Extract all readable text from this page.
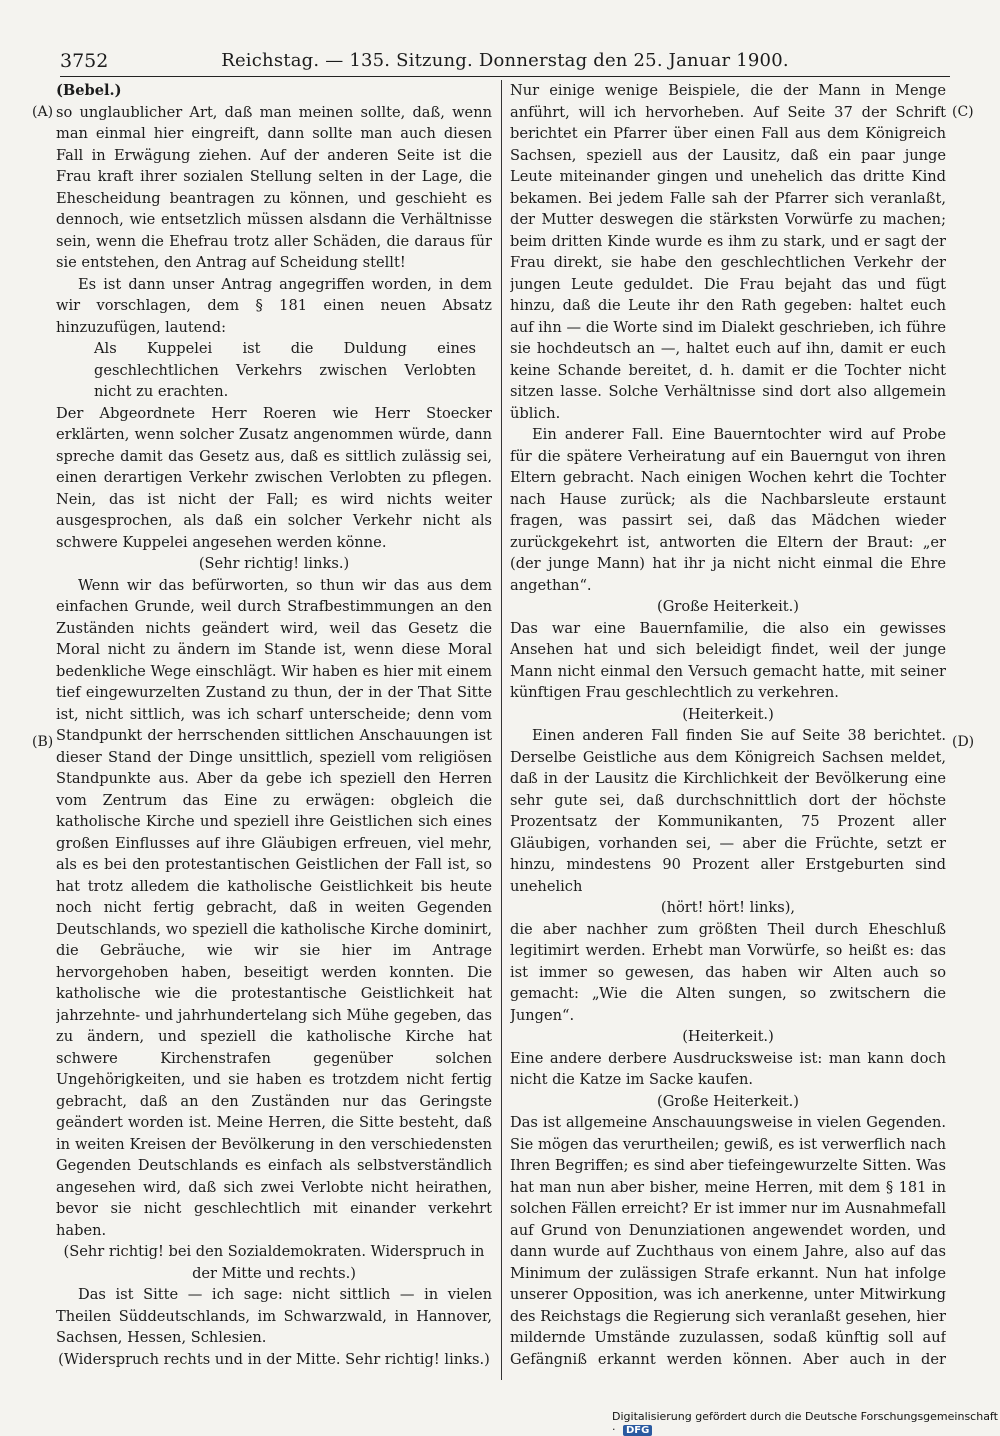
3752	Reichstag. — 135. Sitzung. Donnerstag den 25. Januar 1900.
(A)
(B)
(C)
(D)

(Bebel.)

so unglaublicher Art, daß man meinen sollte, daß, wenn man einmal hier eingreift, dann sollte man auch diesen Fall in Erwägung ziehen. Auf der anderen Seite ist die Frau kraft ihrer sozialen Stellung selten in der Lage, die Ehescheidung beantragen zu können, und geschieht es dennoch, wie entsetzlich müssen alsdann die Verhältnisse sein, wenn die Ehefrau trotz aller Schäden, die daraus für sie entstehen, den Antrag auf Scheidung stellt!

Es ist dann unser Antrag angegriffen worden, in dem wir vorschlagen, dem § 181 einen neuen Absatz hinzuzufügen, lautend:

Als Kuppelei ist die Duldung eines geschlechtlichen Verkehrs zwischen Verlobten nicht zu erachten.

Der Abgeordnete Herr Roeren wie Herr Stoecker erklärten, wenn solcher Zusatz angenommen würde, dann spreche damit das Gesetz aus, daß es sittlich zulässig sei, einen derartigen Verkehr zwischen Verlobten zu pflegen. Nein, das ist nicht der Fall; es wird nichts weiter ausgesprochen, als daß ein solcher Verkehr nicht als schwere Kuppelei angesehen werden könne.

(Sehr richtig! links.)

Wenn wir das befürworten, so thun wir das aus dem einfachen Grunde, weil durch Strafbestimmungen an den Zuständen nichts geändert wird, weil das Gesetz die Moral nicht zu ändern im Stande ist, wenn diese Moral bedenkliche Wege einschlägt. Wir haben es hier mit einem tief eingewurzelten Zustand zu thun, der in der That Sitte ist, nicht sittlich, was ich scharf unterscheide; denn vom Standpunkt der herrschenden sittlichen Anschauungen ist dieser Stand der Dinge unsittlich, speziell vom religiösen Standpunkte aus. Aber da gebe ich speziell den Herren vom Zentrum das Eine zu erwägen: obgleich die katholische Kirche und speziell ihre Geistlichen sich eines großen Einflusses auf ihre Gläubigen erfreuen, viel mehr, als es bei den protestantischen Geistlichen der Fall ist, so hat trotz alledem die katholische Geistlichkeit bis heute noch nicht fertig gebracht, daß in weiten Gegenden Deutschlands, wo speziell die katholische Kirche dominirt, die Gebräuche, wie wir sie hier im Antrage hervorgehoben haben, beseitigt werden konnten. Die katholische wie die protestantische Geistlichkeit hat jahrzehnte- und jahrhundertelang sich Mühe gegeben, das zu ändern, und speziell die katholische Kirche hat schwere Kirchenstrafen gegenüber solchen Ungehörigkeiten, und sie haben es trotzdem nicht fertig gebracht, daß an den Zuständen nur das Geringste geändert worden ist. Meine Herren, die Sitte besteht, daß in weiten Kreisen der Bevölkerung in den verschiedensten Gegenden Deutschlands es einfach als selbstverständlich angesehen wird, daß sich zwei Verlobte nicht heirathen, bevor sie nicht geschlechtlich mit einander verkehrt haben.

(Sehr richtig! bei den Sozialdemokraten. Widerspruch in der Mitte und rechts.)

Das ist Sitte — ich sage: nicht sittlich — in vielen Theilen Süddeutschlands, im Schwarzwald, in Hannover, Sachsen, Hessen, Schlesien.

(Widerspruch rechts und in der Mitte. Sehr richtig! links.)

Nur einige wenige Beispiele, die der Mann in Menge anführt, will ich hervorheben. Auf Seite 37 der Schrift berichtet ein Pfarrer über einen Fall aus dem Königreich Sachsen, speziell aus der Lausitz, daß ein paar junge Leute miteinander gingen und unehelich das dritte Kind bekamen. Bei jedem Falle sah der Pfarrer sich veranlaßt, der Mutter deswegen die stärksten Vorwürfe zu machen; beim dritten Kinde wurde es ihm zu stark, und er sagt der Frau direkt, sie habe den geschlechtlichen Verkehr der jungen Leute geduldet. Die Frau bejaht das und fügt hinzu, daß die Leute ihr den Rath gegeben: haltet euch auf ihn — die Worte sind im Dialekt geschrieben, ich führe sie hochdeutsch an —, haltet euch auf ihn, damit er euch keine Schande bereitet, d. h. damit er die Tochter nicht sitzen lasse. Solche Verhältnisse sind dort also allgemein üblich.

Ein anderer Fall. Eine Bauerntochter wird auf Probe für die spätere Verheiratung auf ein Bauerngut von ihren Eltern gebracht. Nach einigen Wochen kehrt die Tochter nach Hause zurück; als die Nachbarsleute erstaunt fragen, was passirt sei, daß das Mädchen wieder zurückgekehrt ist, antworten die Eltern der Braut: „er (der junge Mann) hat ihr ja nicht nicht einmal die Ehre angethan“.

(Große Heiterkeit.)

Das war eine Bauernfamilie, die also ein gewisses Ansehen hat und sich beleidigt findet, weil der junge Mann nicht einmal den Versuch gemacht hatte, mit seiner künftigen Frau geschlechtlich zu verkehren.

(Heiterkeit.)

Einen anderen Fall finden Sie auf Seite 38 berichtet. Derselbe Geistliche aus dem Königreich Sachsen meldet, daß in der Lausitz die Kirchlichkeit der Bevölkerung eine sehr gute sei, daß durchschnittlich dort der höchste Prozentsatz der Kommunikanten, 75 Prozent aller Gläubigen, vorhanden sei, — aber die Früchte, setzt er hinzu, mindestens 90 Prozent aller Erstgeburten sind unehelich

(hört! hört! links),

die aber nachher zum größten Theil durch Eheschluß legitimirt werden. Erhebt man Vorwürfe, so heißt es: das ist immer so gewesen, das haben wir Alten auch so gemacht: „Wie die Alten sungen, so zwitschern die Jungen“.

(Heiterkeit.)

Eine andere derbere Ausdrucksweise ist: man kann doch nicht die Katze im Sacke kaufen.

(Große Heiterkeit.)

Das ist allgemeine Anschauungsweise in vielen Gegenden. Sie mögen das verurtheilen; gewiß, es ist verwerflich nach Ihren Begriffen; es sind aber tiefeingewurzelte Sitten. Was hat man nun aber bisher, meine Herren, mit dem § 181 in solchen Fällen erreicht? Er ist immer nur im Ausnahmefall auf Grund von Denunziationen angewendet worden, und dann wurde auf Zuchthaus von einem Jahre, also auf das Minimum der zulässigen Strafe erkannt. Nun hat infolge unserer Opposition, was ich anerkenne, unter Mitwirkung des Reichstags die Regierung sich veranlaßt gesehen, hier mildernde Umstände zuzulassen, sodaß künftig soll auf Gefängniß erkannt werden können. Aber auch in der

Digitalisierung gefördert durch die Deutsche Forschungsgemeinschaft · DFG
